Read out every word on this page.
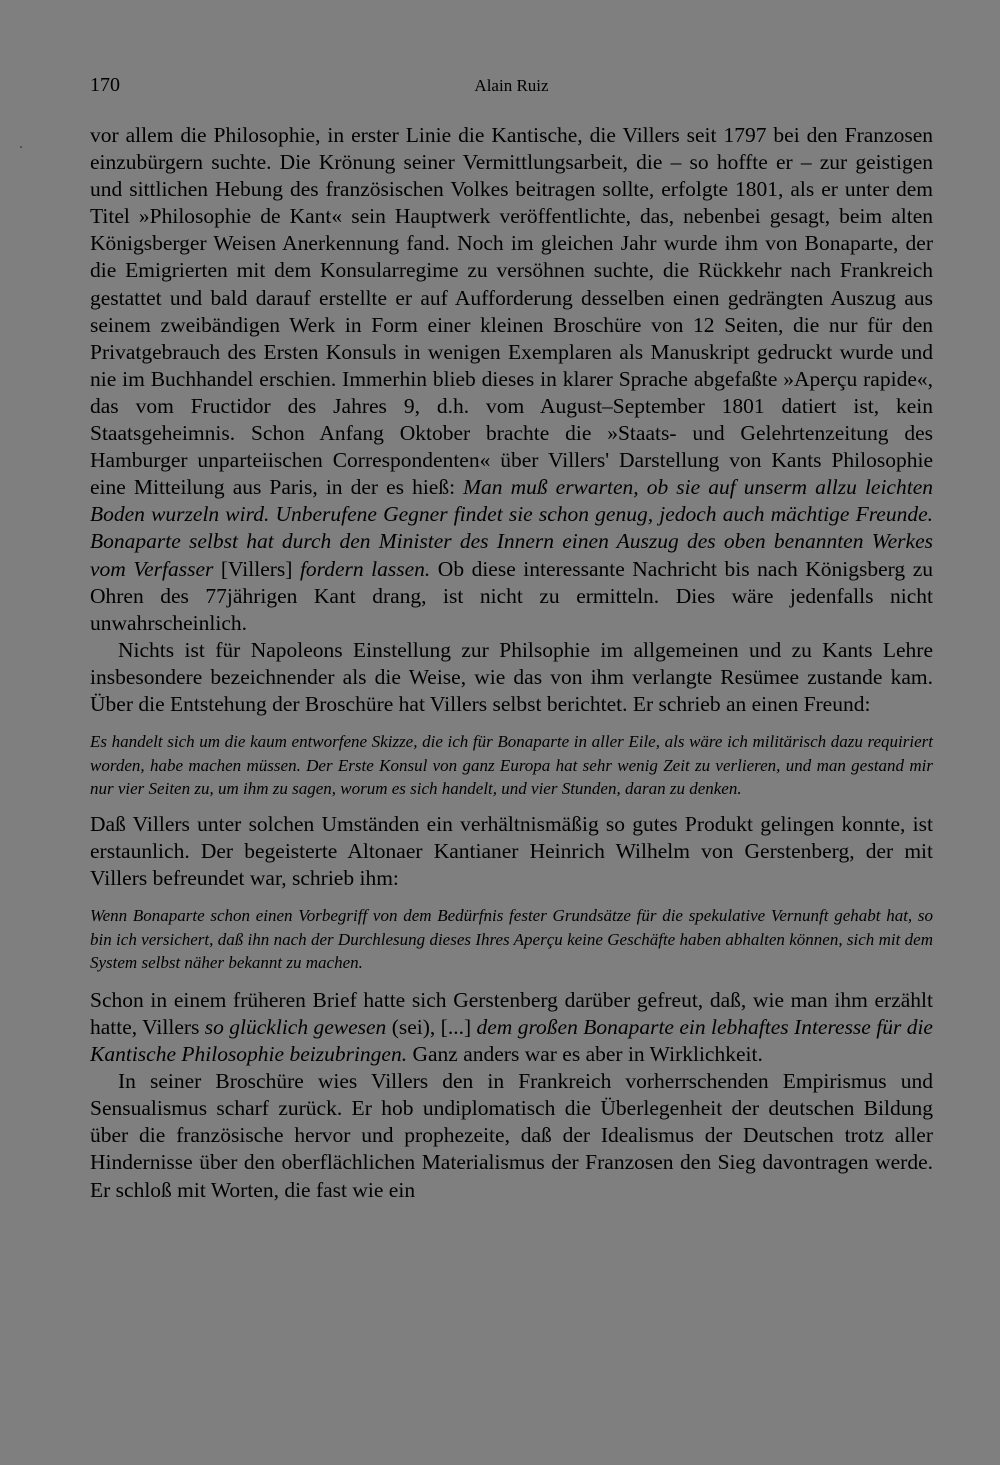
170	Alain Ruiz

vor allem die Philosophie, in erster Linie die Kantische, die Villers seit 1797 bei den Franzosen einzubürgern suchte. Die Krönung seiner Vermittlungsarbeit, die – so hoffte er – zur geistigen und sittlichen Hebung des französischen Volkes beitragen sollte, erfolgte 1801, als er unter dem Titel »Philosophie de Kant« sein Hauptwerk veröffentlichte, das, nebenbei gesagt, beim alten Königsberger Weisen Anerkennung fand. Noch im gleichen Jahr wurde ihm von Bonaparte, der die Emigrierten mit dem Konsularregime zu versöhnen suchte, die Rückkehr nach Frankreich gestattet und bald darauf erstellte er auf Aufforderung desselben einen gedrängten Auszug aus seinem zweibändigen Werk in Form einer kleinen Broschüre von 12 Seiten, die nur für den Privatgebrauch des Ersten Konsuls in wenigen Exemplaren als Manuskript gedruckt wurde und nie im Buchhandel erschien. Immerhin blieb dieses in klarer Sprache abgefaßte »Aperçu rapide«, das vom Fructidor des Jahres 9, d.h. vom August–September 1801 datiert ist, kein Staatsgeheimnis. Schon Anfang Oktober brachte die »Staats- und Gelehrtenzeitung des Hamburger unparteiischen Correspondenten« über Villers' Darstellung von Kants Philosophie eine Mitteilung aus Paris, in der es hieß: Man muß erwarten, ob sie auf unserm allzu leichten Boden wurzeln wird. Unberufene Gegner findet sie schon genug, jedoch auch mächtige Freunde. Bonaparte selbst hat durch den Minister des Innern einen Auszug des oben benannten Werkes vom Verfasser [Villers] fordern lassen. Ob diese interessante Nachricht bis nach Königsberg zu Ohren des 77jährigen Kant drang, ist nicht zu ermitteln. Dies wäre jedenfalls nicht unwahrscheinlich.

Nichts ist für Napoleons Einstellung zur Philsophie im allgemeinen und zu Kants Lehre insbesondere bezeichnender als die Weise, wie das von ihm verlangte Resümee zustande kam. Über die Entstehung der Broschüre hat Villers selbst berichtet. Er schrieb an einen Freund:

Es handelt sich um die kaum entworfene Skizze, die ich für Bonaparte in aller Eile, als wäre ich militärisch dazu requiriert worden, habe machen müssen. Der Erste Konsul von ganz Europa hat sehr wenig Zeit zu verlieren, und man gestand mir nur vier Seiten zu, um ihm zu sagen, worum es sich handelt, und vier Stunden, daran zu denken.

Daß Villers unter solchen Umständen ein verhältnismäßig so gutes Produkt gelingen konnte, ist erstaunlich. Der begeisterte Altonaer Kantianer Heinrich Wilhelm von Gerstenberg, der mit Villers befreundet war, schrieb ihm:

Wenn Bonaparte schon einen Vorbegriff von dem Bedürfnis fester Grundsätze für die spekulative Vernunft gehabt hat, so bin ich versichert, daß ihn nach der Durchlesung dieses Ihres Aperçu keine Geschäfte haben abhalten können, sich mit dem System selbst näher bekannt zu machen.

Schon in einem früheren Brief hatte sich Gerstenberg darüber gefreut, daß, wie man ihm erzählt hatte, Villers so glücklich gewesen (sei), [...] dem großen Bonaparte ein lebhaftes Interesse für die Kantische Philosophie beizubringen. Ganz anders war es aber in Wirklichkeit.

In seiner Broschüre wies Villers den in Frankreich vorherrschenden Empirismus und Sensualismus scharf zurück. Er hob undiplomatisch die Überlegenheit der deutschen Bildung über die französische hervor und prophezeite, daß der Idealismus der Deutschen trotz aller Hindernisse über den oberflächlichen Materialismus der Franzosen den Sieg davontragen werde. Er schloß mit Worten, die fast wie ein
